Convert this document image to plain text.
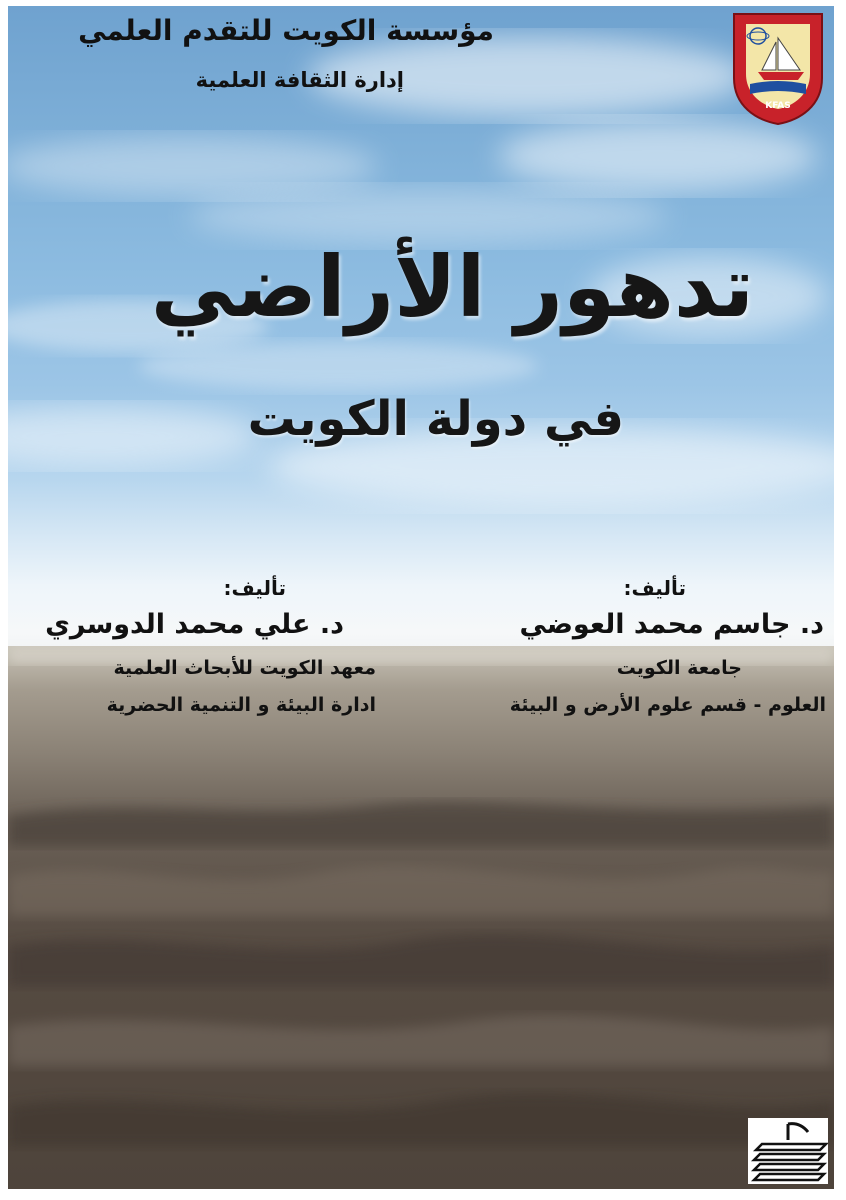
مؤسسة الكويت للتقدم العلمي
إدارة الثقافة العلمية
KFAS
تدهور الأراضي
في دولة الكويت
تأليف:
د. جاسم محمد العوضي
جامعة الكويت
العلوم - قسم علوم الأرض و البيئة
تأليف:
د. علي محمد الدوسري
معهد الكويت للأبحاث العلمية
ادارة البيئة و التنمية الحضرية
